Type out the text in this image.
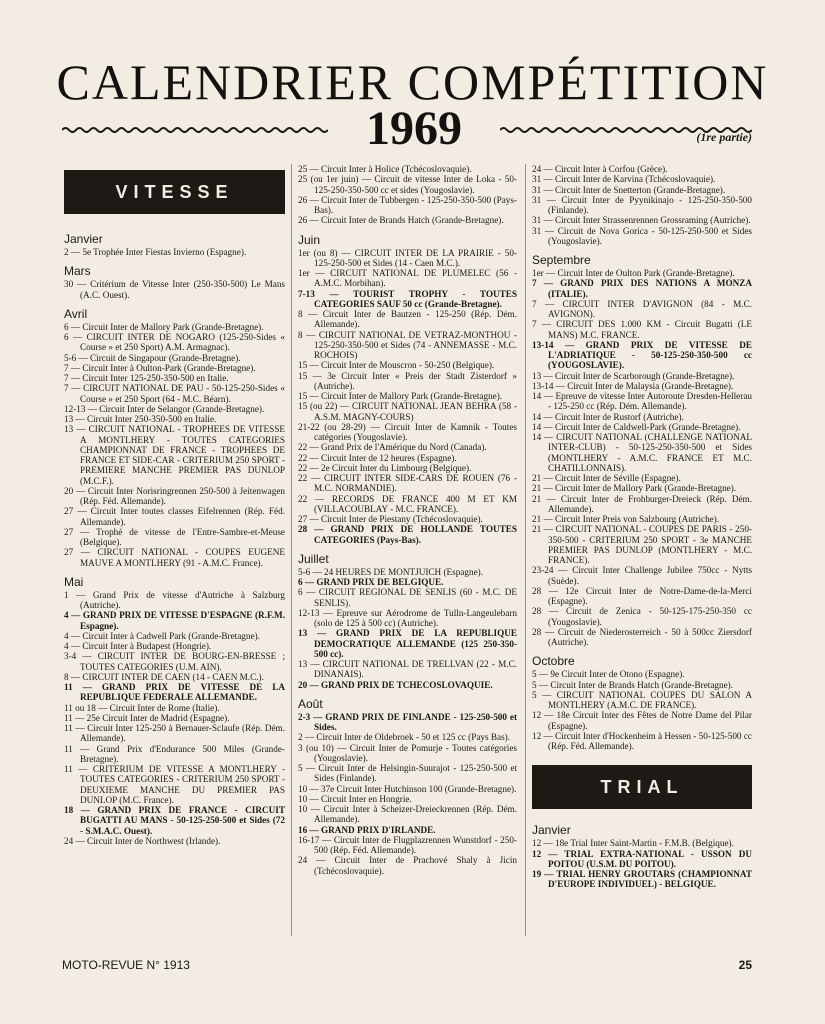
CALENDRIER COMPÉTITION
1969	(1re partie)
VITESSE
Janvier
2 — 5e Trophée Inter Fiestas Invierno (Espagne).
Mars
30 — Critérium de Vitesse Inter (250-350-500) Le Mans (A.C. Ouest).
Avril
6 — Circuit Inter de Mallory Park (Grande-Bretagne).
6 — CIRCUIT INTER DE NOGARO (125-250-Sides « Course » et 250 Sport) A.M. Armagnac).
5-6 — Circuit de Singapour (Grande-Bretagne).
7 — Circuit Inter à Oulton-Park (Grande-Bretagne).
7 — Circuit Inter 125-250-350-500 en Italie.
7 — CIRCUIT NATIONAL DE PAU - 50-125-250-Sides « Course » et 250 Sport (64 - M.C. Béarn).
12-13 — Circuit Inter de Selangor (Grande-Bretagne).
13 — Circuit Inter 250-350-500 en Italie.
13 — CIRCUIT NATIONAL - TROPHEES DE VITESSE A MONTLHERY - TOUTES CATEGORIES CHAMPIONNAT DE FRANCE - TROPHEES DE FRANCE ET SIDE-CAR - CRITERIUM 250 SPORT - PREMIERE MANCHE PREMIER PAS DUNLOP (M.C.F.).
20 — Circuit Inter Norisringrennen 250-500 à Jeitenwagen (Rép. Féd. Allemande).
27 — Circuit Inter toutes classes Eifelrennen (Rép. Féd. Allemande).
27 — Trophé de vitesse de l'Entre-Sambre-et-Meuse (Belgique).
27 — CIRCUIT NATIONAL - COUPES EUGENE MAUVE A MONTLHERY (91 - A.M.C. France).
Mai
1 — Grand Prix de vitesse d'Autriche à Salzburg (Autriche).
4 — GRAND PRIX DE VITESSE D'ESPAGNE (R.F.M. Espagne).
4 — Circuit Inter à Cadwell Park (Grande-Bretagne).
4 — Circuit Inter à Budapest (Hongrie).
3-4 — CIRCUIT INTER DE BOURG-EN-BRESSE ; TOUTES CATEGORIES (U.M. AIN).
8 — CIRCUIT INTER DE CAEN (14 - CAEN M.C.).
11 — GRAND PRIX DE VITESSE DE LA REPUBLIQUE FEDERALE ALLEMANDE.
11 ou 18 — Circuit Inter de Rome (Italie).
11 — 25e Circuit Inter de Madrid (Espagne).
11 — Circuit Inter 125-250 à Bernauer-Sclaufe (Rép. Dém. Allemande).
11 — Grand Prix d'Endurance 500 Miles (Grande-Bretagne).
11 — CRITERIUM DE VITESSE A MONTLHERY - TOUTES CATEGORIES - CRITERIUM 250 SPORT - DEUXIEME MANCHE DU PREMIER PAS DUNLOP (M.C. France).
18 — GRAND PRIX DE FRANCE - CIRCUIT BUGATTI AU MANS - 50-125-250-500 et Sides (72 - S.M.A.C. Ouest).
24 — Circuit Inter de Northwest (Irlande).
25 — Circuit Inter à Holice (Tchécoslovaquie).
25 (ou 1er juin) — Circuit de vitesse Inter de Loka - 50-125-250-350-500 cc et sides (Yougoslavie).
26 — Circuit Inter de Tubbergen - 125-250-350-500 (Pays-Bas).
26 — Circuit Inter de Brands Hatch (Grande-Bretagne).
Juin
1er (ou 8) — CIRCUIT INTER DE LA PRAIRIE - 50-125-250-500 et Sides (14 - Caen M.C.).
1er — CIRCUIT NATIONAL DE PLUMELEC (56 - A.M.C. Morbihan).
7-13 — TOURIST TROPHY - TOUTES CATEGORIES SAUF 50 cc (Grande-Bretagne).
8 — Circuit Inter de Bautzen - 125-250 (Rép. Dém. Allemande).
8 — CIRCUIT NATIONAL DE VETRAZ-MONTHOU - 125-250-350-500 et Sides (74 - ANNEMASSE - M.C. ROCHOIS)
15 — Circuit Inter de Mouscron - 50-250 (Belgique).
15 — 3e Circuit Inter « Preis der Stadt Zisterdorf » (Autriche).
15 — Circuit Inter de Mallory Park (Grande-Bretagne).
15 (ou 22) — CIRCUIT NATIONAL JEAN BEHRA (58 - A.S.M. MAGNY-COURS)
21-22 (ou 28-29) — Circuit Inter de Kamnik - Toutes catégories (Yougoslavie).
22 — Grand Prix de l'Amérique du Nord (Canada).
22 — Circuit Inter de 12 heures (Espagne).
22 — 2e Circuit Inter du Limbourg (Belgique).
22 — CIRCUIT INTER SIDE-CARS DE ROUEN (76 - M.C. NORMANDIE).
22 — RECORDS DE FRANCE 400 M ET KM (VILLACOUBLAY - M.C. FRANCE).
27 — Circuit Inter de Piestany (Tchécoslovaquie).
28 — GRAND PRIX DE HOLLANDE TOUTES CATEGORIES (Pays-Bas).
Juillet
5-6 — 24 HEURES DE MONTJUICH (Espagne).
6 — GRAND PRIX DE BELGIQUE.
6 — CIRCUIT REGIONAL DE SENLIS (60 - M.C. DE SENLIS).
12-13 — Epreuve sur Aérodrome de Tulln-Langeulebarn (solo de 125 à 500 cc) (Autriche).
13 — GRAND PRIX DE LA REPUBLIQUE DEMOCRATIQUE ALLEMANDE (125 250-350-500 cc).
13 — CIRCUIT NATIONAL DE TRELLVAN (22 - M.C. DINANAIS).
20 — GRAND PRIX DE TCHECOSLOVAQUIE.
Août
2-3 — GRAND PRIX DE FINLANDE - 125-250-500 et Sides.
2 — Circuit Inter de Oldebroek - 50 et 125 cc (Pays Bas).
3 (ou 10) — Circuit Inter de Pomurje - Toutes catégories (Yougoslavie).
5 — Circuit Inter de Helsingin-Suurajot - 125-250-500 et Sides (Finlande).
10 — 37e Circuit Inter Hutchinson 100 (Grande-Bretagne).
10 — Circuit Inter en Hongrie.
10 — Circuit Inter à Scheizer-Dreieckrennen (Rép. Dém. Allemande).
16 — GRAND PRIX D'IRLANDE.
16-17 — Circuit Inter de Flugplazrennen Wunstdorf - 250-500 (Rép. Féd. Allemande).
24 — Circuit Inter de Prachové Shaly à Jicin (Tchécoslovaquie).
24 — Circuit Inter à Corfou (Grèce).
31 — Circuit Inter de Karvina (Tchécoslovaquie).
31 — Circuit Inter de Snetterton (Grande-Bretagne).
31 — Circuit Inter de Pyynikinajo - 125-250-350-500 (Finlande).
31 — Circuit Inter Strassenrennen Grossraming (Autriche).
31 — Circuit de Nova Gorica - 50-125-250-500 et Sides (Yougoslavie).
Septembre
1er — Circuit Inter de Oulton Park (Grande-Bretagne).
7 — GRAND PRIX DES NATIONS A MONZA (ITALIE).
7 — CIRCUIT INTER D'AVIGNON (84 - M.C. AVIGNON).
7 — CIRCUIT DES 1.000 KM - Circuit Bugatti (LE MANS) M.C. FRANCE.
13-14 — GRAND PRIX DE VITESSE DE L'ADRIATIQUE - 50-125-250-350-500 cc (YOUGOSLAVIE).
13 — Circuit Inter de Scarborough (Grande-Bretagne).
13-14 — Circuit Inter de Malaysia (Grande-Bretagne).
14 — Epreuve de vitesse Inter Autoroute Dresden-Hellerau - 125-250 cc (Rép. Dém. Allemande).
14 — Circuit Inter de Rustorf (Autriche).
14 — Circuit Inter de Caldwell-Park (Grande-Bretagne).
14 — CIRCUIT NATIONAL (CHALLENGE NATIONAL INTER-CLUB) - 50-125-250-350-500 et Sides (MONTLHERY - A.M.C. FRANCE ET M.C. CHATILLONNAIS).
21 — Circuit Inter de Séville (Espagne).
21 — Circuit Inter de Mallory Park (Grande-Bretagne).
21 — Circuit Inter de Frohburger-Dreieck (Rép. Dém. Allemande).
21 — Circuit Inter Preis von Salzbourg (Autriche).
21 — CIRCUIT NATIONAL - COUPES DE PARIS - 250-350-500 - CRITERIUM 250 SPORT - 3e MANCHE PREMIER PAS DUNLOP (MONTLHERY - M.C. FRANCE).
23-24 — Circuit Inter Challenge Jubilee 750cc - Nytts (Suède).
28 — 12e Circuit Inter de Notre-Dame-de-la-Merci (Espagne).
28 — Circuit de Zenica - 50-125-175-250-350 cc (Yougoslavie).
28 — Circuit de Niederosterreich - 50 à 500cc Ziersdorf (Autriche).
Octobre
5 — 9e Circuit Inter de Otono (Espagne).
5 — Circuit Inter de Brands Hatch (Grande-Bretagne).
5 — CIRCUIT NATIONAL COUPES DU SALON A MONTLHERY (A.M.C. DE FRANCE).
12 — 18e Circuit Inter des Fêtes de Notre Dame del Pilar (Espagne).
12 — Circuit Inter d'Hockenheim à Hessen - 50-125-500 cc (Rép. Féd. Allemande).
TRIAL
Janvier
12 — 18e Trial Inter Saint-Martin - F.M.B. (Belgique).
12 — TRIAL EXTRA-NATIONAL - USSON DU POITOU (U.S.M. DU POITOU).
19 — TRIAL HENRY GROUTARS (CHAMPIONNAT D'EUROPE INDIVIDUEL) - BELGIQUE.
MOTO-REVUE N° 1913	25
